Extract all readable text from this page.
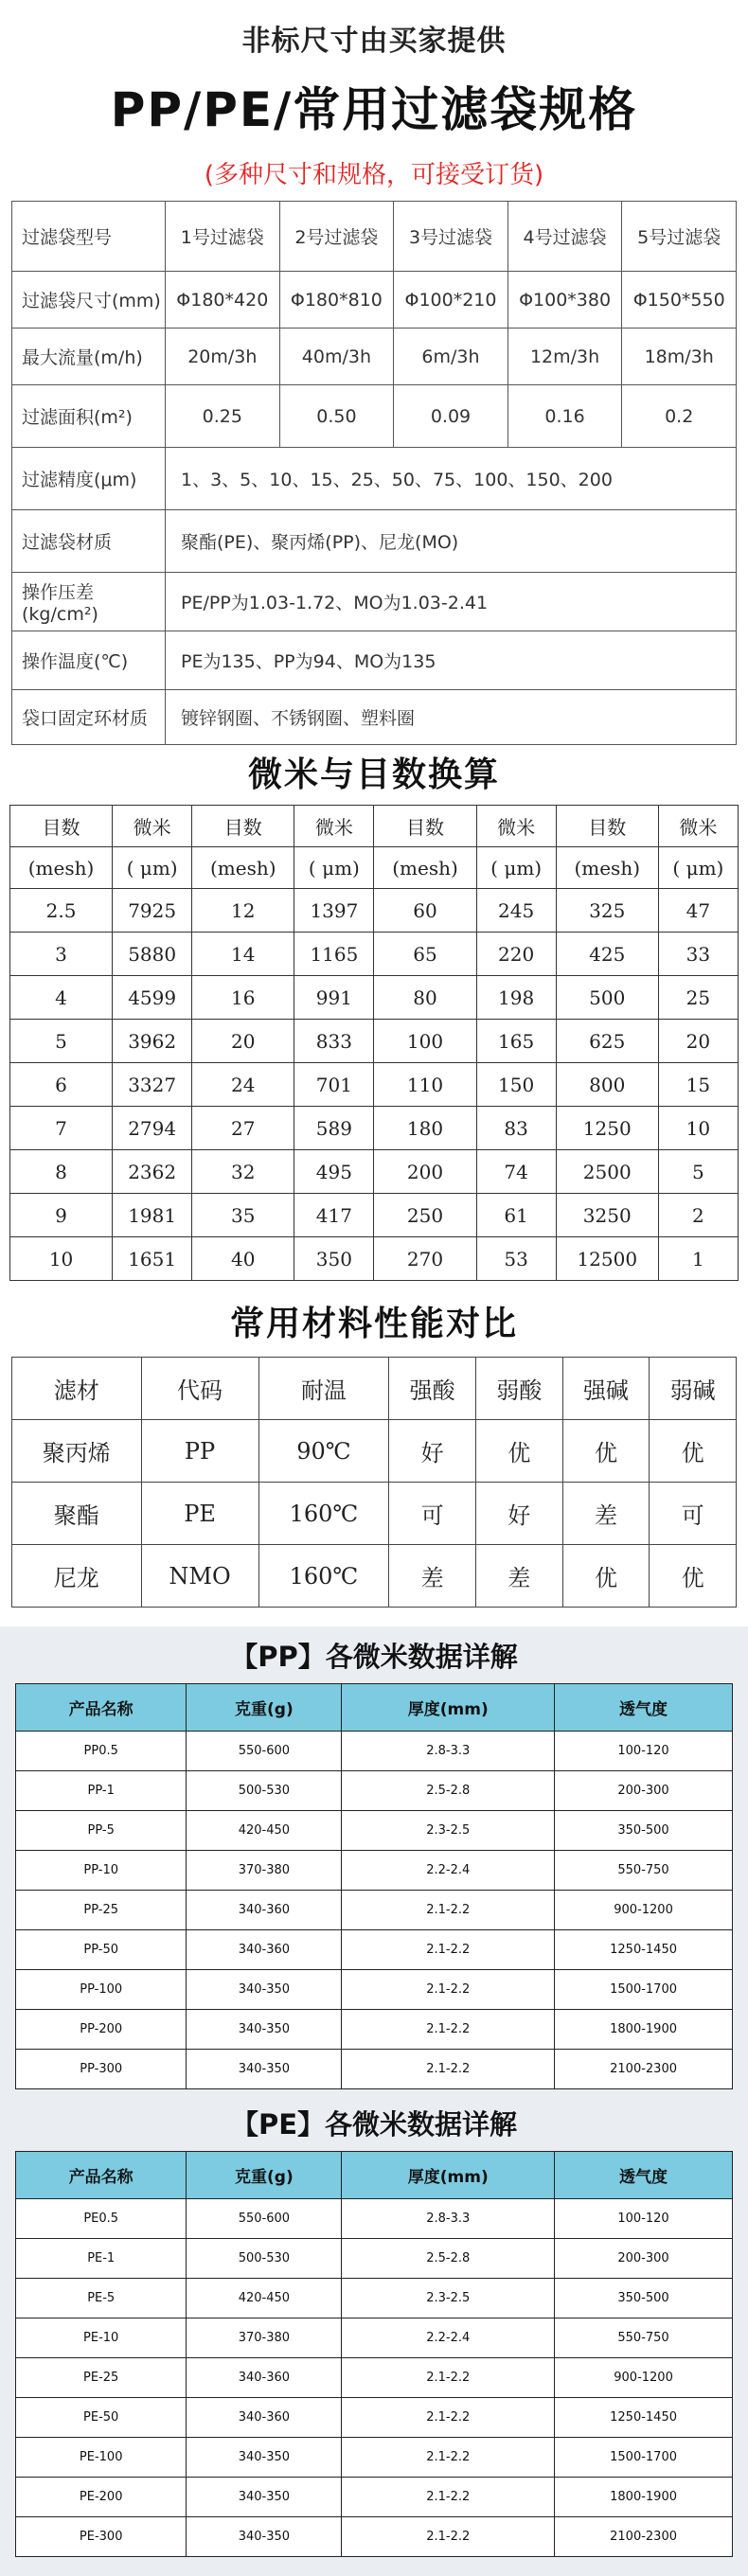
非标尺寸由买家提供
PP/PE/常用过滤袋规格
(多种尺寸和规格，可接受订货)
过滤袋型号	1号过滤袋	2号过滤袋	3号过滤袋	4号过滤袋	5号过滤袋
过滤袋尺寸(mm)	Φ180*420	Φ180*810	Φ100*210	Φ100*380	Φ150*550
最大流量(m/h)	20m/3h	40m/3h	6m/3h	12m/3h	18m/3h
过滤面积(m²)	0.25	0.50	0.09	0.16	0.2
过滤精度(μm)	1、3、5、10、15、25、50、75、100、150、200				
过滤袋材质	聚酯(PE)、聚丙烯(PP)、尼龙(MO)				
操作压差(kg/cm²)	PE/PP为1.03-1.72、MO为1.03-2.41				
操作温度(℃)	PE为135、PP为94、MO为135				
袋口固定环材质	镀锌钢圈、不锈钢圈、塑料圈				
微米与目数换算
目数	微米	目数	微米	目数	微米	目数	微米
(mesh)	( μm)	(mesh)	( μm)	(mesh)	( μm)	(mesh)	( μm)
2.5	7925	12	1397	60	245	325	47
3	5880	14	1165	65	220	425	33
4	4599	16	991	80	198	500	25
5	3962	20	833	100	165	625	20
6	3327	24	701	110	150	800	15
7	2794	27	589	180	83	1250	10
8	2362	32	495	200	74	2500	5
9	1981	35	417	250	61	3250	2
10	1651	40	350	270	53	12500	1
常用材料性能对比
滤材	代码	耐温	强酸	弱酸	强碱	弱碱
聚丙烯	PP	90℃	好	优	优	优
聚酯	PE	160℃	可	好	差	可
尼龙	NMO	160℃	差	差	优	优
【PP】各微米数据详解
产品名称	克重(g)	厚度(mm)	透气度
PP0.5	550-600	2.8-3.3	100-120
PP-1	500-530	2.5-2.8	200-300
PP-5	420-450	2.3-2.5	350-500
PP-10	370-380	2.2-2.4	550-750
PP-25	340-360	2.1-2.2	900-1200
PP-50	340-360	2.1-2.2	1250-1450
PP-100	340-350	2.1-2.2	1500-1700
PP-200	340-350	2.1-2.2	1800-1900
PP-300	340-350	2.1-2.2	2100-2300
【PE】各微米数据详解
产品名称	克重(g)	厚度(mm)	透气度
PE0.5	550-600	2.8-3.3	100-120
PE-1	500-530	2.5-2.8	200-300
PE-5	420-450	2.3-2.5	350-500
PE-10	370-380	2.2-2.4	550-750
PE-25	340-360	2.1-2.2	900-1200
PE-50	340-360	2.1-2.2	1250-1450
PE-100	340-350	2.1-2.2	1500-1700
PE-200	340-350	2.1-2.2	1800-1900
PE-300	340-350	2.1-2.2	2100-2300
